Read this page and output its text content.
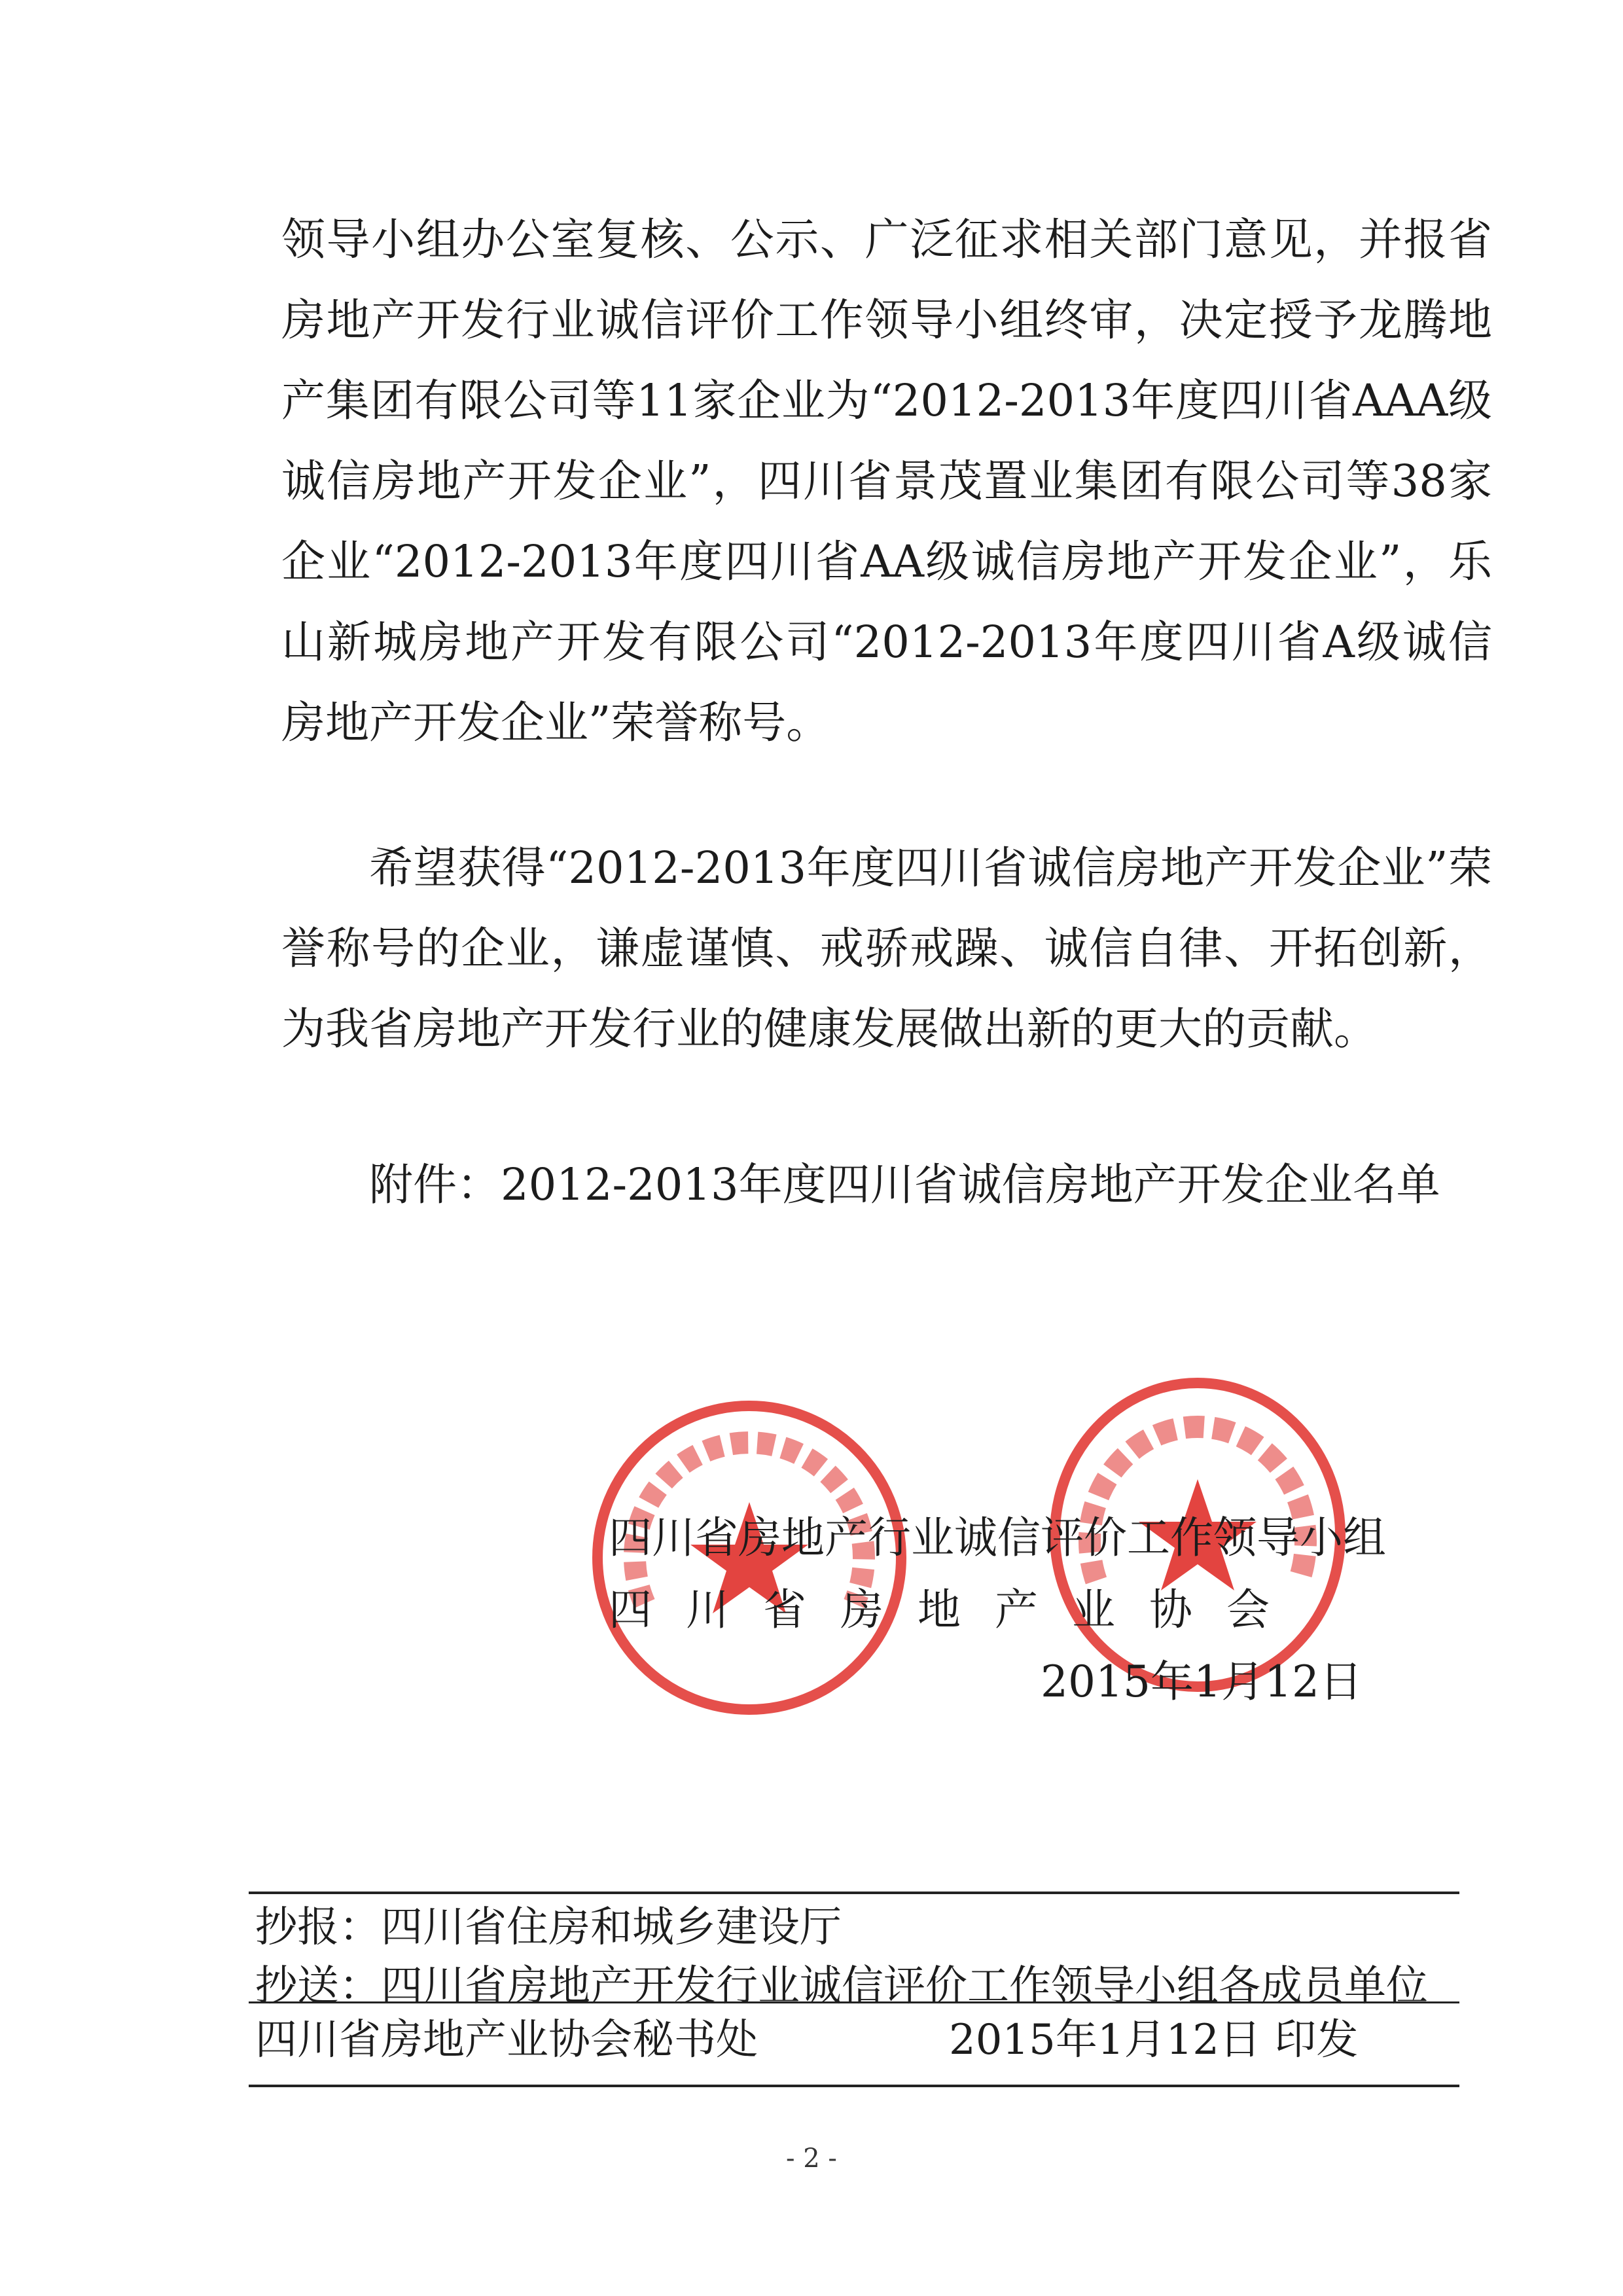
领导小组办公室复核、公示、广泛征求相关部门意见，并报省房地产开发行业诚信评价工作领导小组终审，决定授予龙腾地产集团有限公司等11家企业为“2012-2013年度四川省AAA级诚信房地产开发企业”，四川省景茂置业集团有限公司等38家企业“2012-2013年度四川省AA级诚信房地产开发企业”，乐山新城房地产开发有限公司“2012-2013年度四川省A级诚信房地产开发企业”荣誉称号。

希望获得“2012-2013年度四川省诚信房地产开发企业”荣誉称号的企业，谦虚谨慎、戒骄戒躁、诚信自律、开拓创新，为我省房地产开发行业的健康发展做出新的更大的贡献。

附件：2012-2013年度四川省诚信房地产开发企业名单
四川省房地产行业诚信评价工作领导小组
四川省房地产业协会
2015年1月12日
抄报：四川省住房和城乡建设厅
抄送：四川省房地产开发行业诚信评价工作领导小组各成员单位
四川省房地产业协会秘书处	2015年1月12日 印发
- 2 -
